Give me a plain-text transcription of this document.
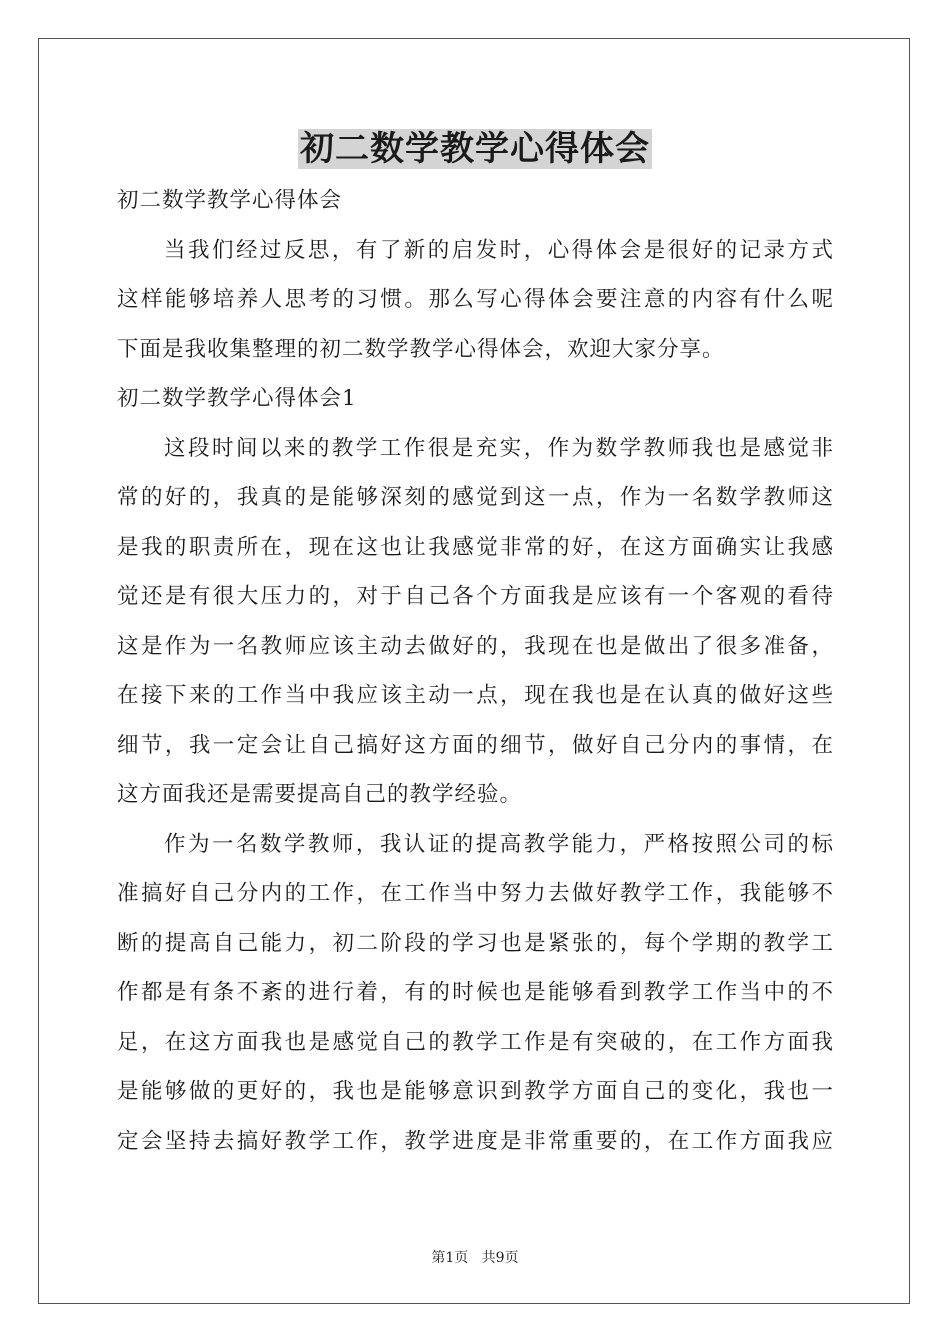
初二数学教学心得体会
初二数学教学心得体会
当我们经过反思，有了新的启发时，心得体会是很好的记录方式
这样能够培养人思考的习惯。那么写心得体会要注意的内容有什么呢
下面是我收集整理的初二数学教学心得体会，欢迎大家分享。
初二数学教学心得体会1
这段时间以来的教学工作很是充实，作为数学教师我也是感觉非
常的好的，我真的是能够深刻的感觉到这一点，作为一名数学教师这
是我的职责所在，现在这也让我感觉非常的好，在这方面确实让我感
觉还是有很大压力的，对于自己各个方面我是应该有一个客观的看待
这是作为一名教师应该主动去做好的，我现在也是做出了很多准备，
在接下来的工作当中我应该主动一点，现在我也是在认真的做好这些
细节，我一定会让自己搞好这方面的细节，做好自己分内的事情，在
这方面我还是需要提高自己的教学经验。
作为一名数学教师，我认证的提高教学能力，严格按照公司的标
准搞好自己分内的工作，在工作当中努力去做好教学工作，我能够不
断的提高自己能力，初二阶段的学习也是紧张的，每个学期的教学工
作都是有条不紊的进行着，有的时候也是能够看到教学工作当中的不
足，在这方面我也是感觉自己的教学工作是有突破的，在工作方面我
是能够做的更好的，我也是能够意识到教学方面自己的变化，我也一
定会坚持去搞好教学工作，教学进度是非常重要的，在工作方面我应
第1页   共9页
